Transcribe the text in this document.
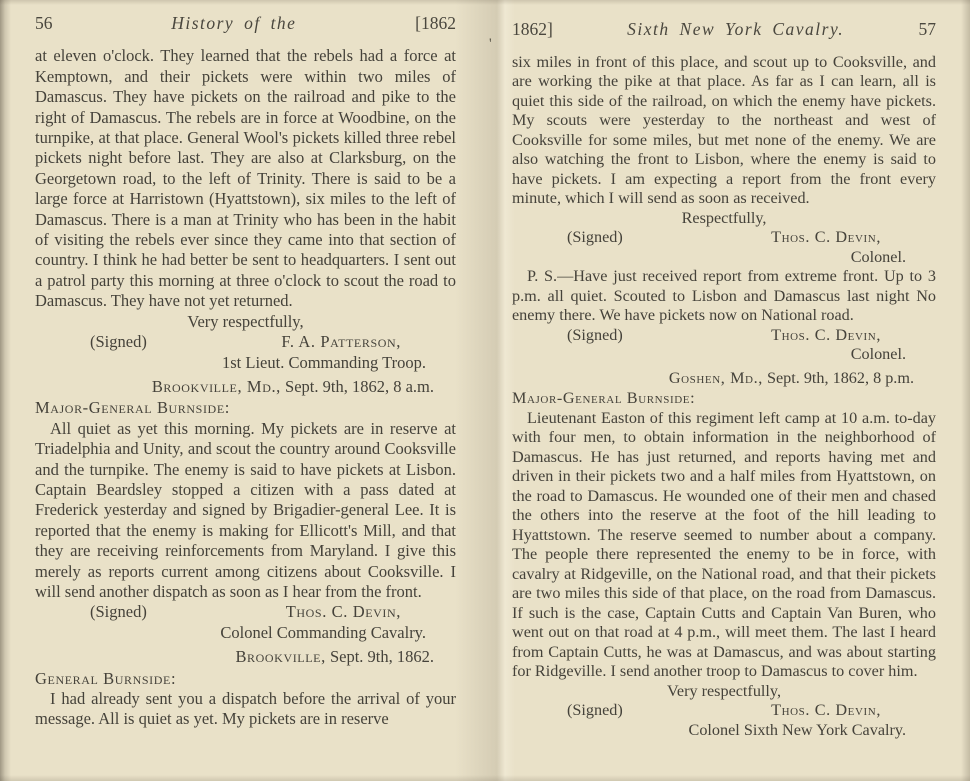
'
56	History of the	[1862

at eleven o'clock. They learned that the rebels had a force at Kemptown, and their pickets were within two miles of Damascus. They have pickets on the railroad and pike to the right of Damascus. The rebels are in force at Woodbine, on the turnpike, at that place. General Wool's pickets killed three rebel pickets night before last. They are also at Clarksburg, on the Georgetown road, to the left of Trinity. There is said to be a large force at Harristown (Hyattstown), six miles to the left of Damascus. There is a man at Trinity who has been in the habit of visiting the rebels ever since they came into that section of country. I think he had better be sent to headquarters. I sent out a patrol party this morning at three o'clock to scout the road to Damascus. They have not yet returned.

Very respectfully,
(Signed)	F. A. Patterson,
1st Lieut. Commanding Troop.
Brookville, Md., Sept. 9th, 1862, 8 a.m.
Major-General Burnside:

All quiet as yet this morning. My pickets are in reserve at Triadelphia and Unity, and scout the country around Cooksville and the turnpike. The enemy is said to have pickets at Lisbon. Captain Beardsley stopped a citizen with a pass dated at Frederick yesterday and signed by Brigadier-general Lee. It is reported that the enemy is making for Ellicott's Mill, and that they are receiving reinforcements from Maryland. I give this merely as reports current among citizens about Cooksville. I will send another dispatch as soon as I hear from the front.

(Signed)	Thos. C. Devin,
Colonel Commanding Cavalry.
Brookville, Sept. 9th, 1862.
General Burnside:

I had already sent you a dispatch before the arrival of your message. All is quiet as yet. My pickets are in reserve

1862]	Sixth New York Cavalry.	57

six miles in front of this place, and scout up to Cooksville, and are working the pike at that place. As far as I can learn, all is quiet this side of the railroad, on which the enemy have pickets. My scouts were yesterday to the northeast and west of Cooksville for some miles, but met none of the enemy. We are also watching the front to Lisbon, where the enemy is said to have pickets. I am expecting a report from the front every minute, which I will send as soon as received.

Respectfully,
(Signed)	Thos. C. Devin,
Colonel.

P. S.—Have just received report from extreme front. Up to 3 p.m. all quiet. Scouted to Lisbon and Damascus last night No enemy there. We have pickets now on National road.

(Signed)	Thos. C. Devin,
Colonel.
Goshen, Md., Sept. 9th, 1862, 8 p.m.
Major-General Burnside:

Lieutenant Easton of this regiment left camp at 10 a.m. to-day with four men, to obtain information in the neighborhood of Damascus. He has just returned, and reports having met and driven in their pickets two and a half miles from Hyattstown, on the road to Damascus. He wounded one of their men and chased the others into the reserve at the foot of the hill leading to Hyattstown. The reserve seemed to number about a company. The people there represented the enemy to be in force, with cavalry at Ridgeville, on the National road, and that their pickets are two miles this side of that place, on the road from Damascus. If such is the case, Captain Cutts and Captain Van Buren, who went out on that road at 4 p.m., will meet them. The last I heard from Captain Cutts, he was at Damascus, and was about starting for Ridgeville. I send another troop to Damascus to cover him.

Very respectfully,
(Signed)	Thos. C. Devin,
Colonel Sixth New York Cavalry.
